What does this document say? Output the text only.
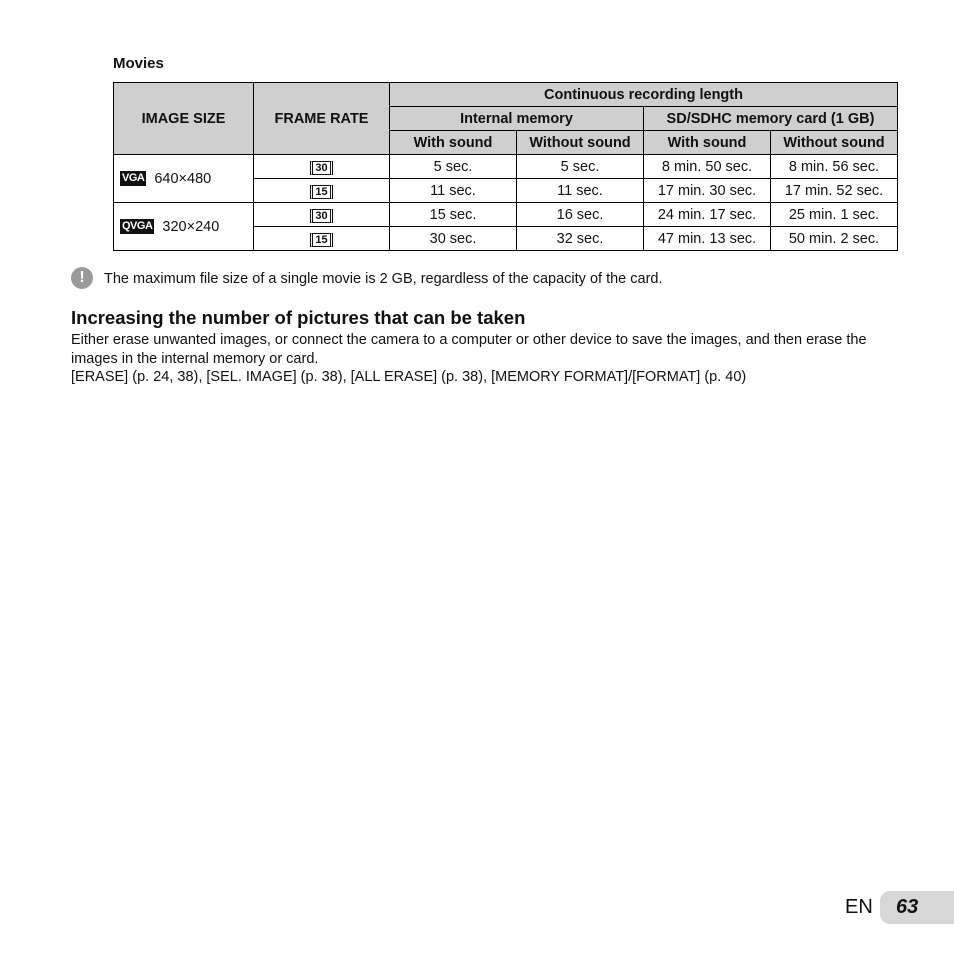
Movies
IMAGE SIZE	FRAME RATE	Continuous recording length			
		Internal memory		SD/SDHC memory card (1 GB)	
		With sound	Without sound	With sound	Without sound
VGA 640×480	30	5 sec.	5 sec.	8 min. 50 sec.	8 min. 56 sec.
	15	11 sec.	11 sec.	17 min. 30 sec.	17 min. 52 sec.
QVGA 320×240	30	15 sec.	16 sec.	24 min. 17 sec.	25 min. 1 sec.
	15	30 sec.	32 sec.	47 min. 13 sec.	50 min. 2 sec.
!	The maximum file size of a single movie is 2 GB, regardless of the capacity of the card.
Increasing the number of pictures that can be taken

Either erase unwanted images, or connect the camera to a computer or other device to save the images, and then erase the images in the internal memory or card.

[ERASE] (p. 24, 38), [SEL. IMAGE] (p. 38), [ALL ERASE] (p. 38), [MEMORY FORMAT]/[FORMAT] (p. 40)

EN	63
